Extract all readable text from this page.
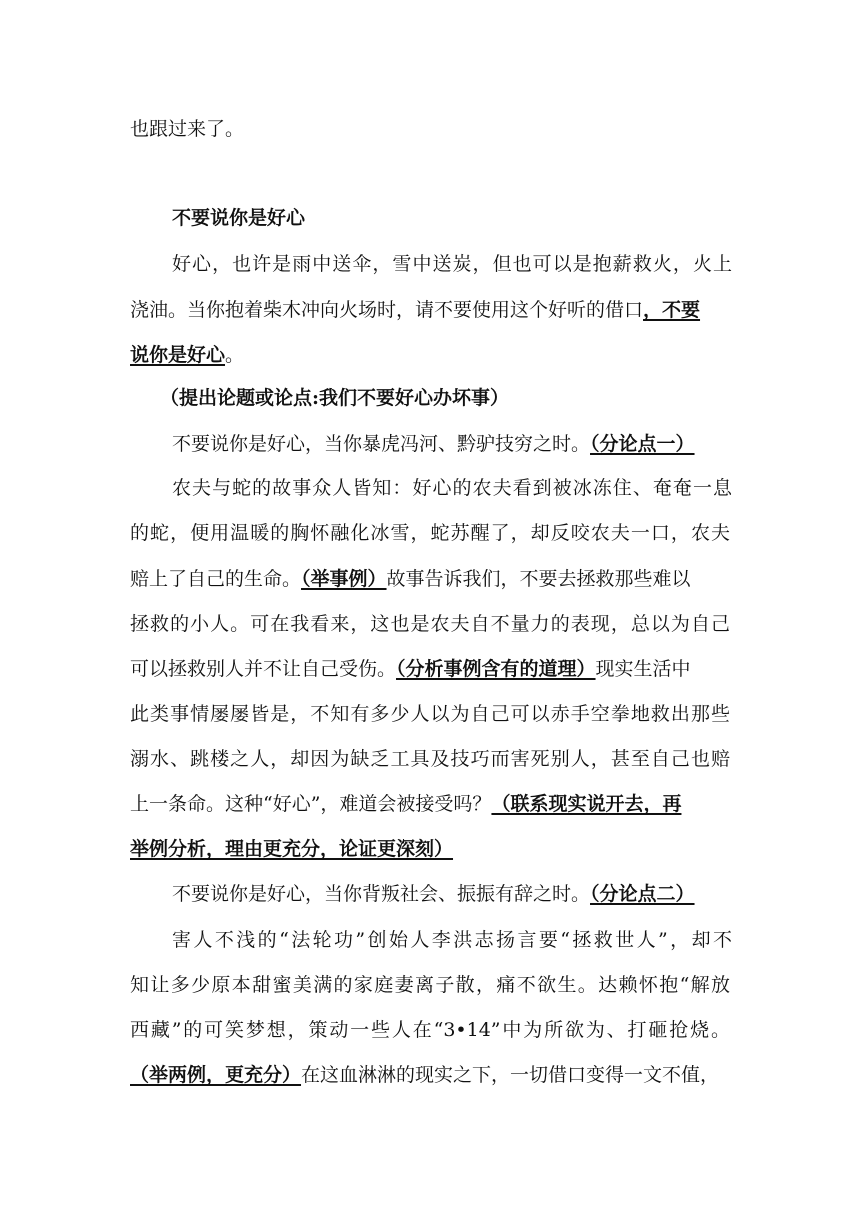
也跟过来了。
不要说你是好心
好心，也许是雨中送伞，雪中送炭，但也可以是抱薪救火，火上
浇油。当你抱着柴木冲向火场时，请不要使用这个好听的借口，不要
说你是好心。
（提出论题或论点:我们不要好心办坏事）
不要说你是好心，当你暴虎冯河、黔驴技穷之时。（分论点一）
农夫与蛇的故事众人皆知：好心的农夫看到被冰冻住、奄奄一息
的蛇，便用温暖的胸怀融化冰雪，蛇苏醒了，却反咬农夫一口，农夫
赔上了自己的生命。（举事例）故事告诉我们，不要去拯救那些难以
拯救的小人。可在我看来，这也是农夫自不量力的表现，总以为自己
可以拯救别人并不让自己受伤。（分析事例含有的道理）现实生活中
此类事情屡屡皆是，不知有多少人以为自己可以赤手空拳地救出那些
溺水、跳楼之人，却因为缺乏工具及技巧而害死别人，甚至自己也赔
上一条命。这种“好心”，难道会被接受吗？（联系现实说开去，再
举例分析，理由更充分，论证更深刻）
不要说你是好心，当你背叛社会、振振有辞之时。（分论点二）
害人不浅的“法轮功”创始人李洪志扬言要“拯救世人”，却不
知让多少原本甜蜜美满的家庭妻离子散，痛不欲生。达赖怀抱“解放
西藏”的可笑梦想，策动一些人在“3•14”中为所欲为、打砸抢烧。
（举两例，更充分）在这血淋淋的现实之下，一切借口变得一文不值，
